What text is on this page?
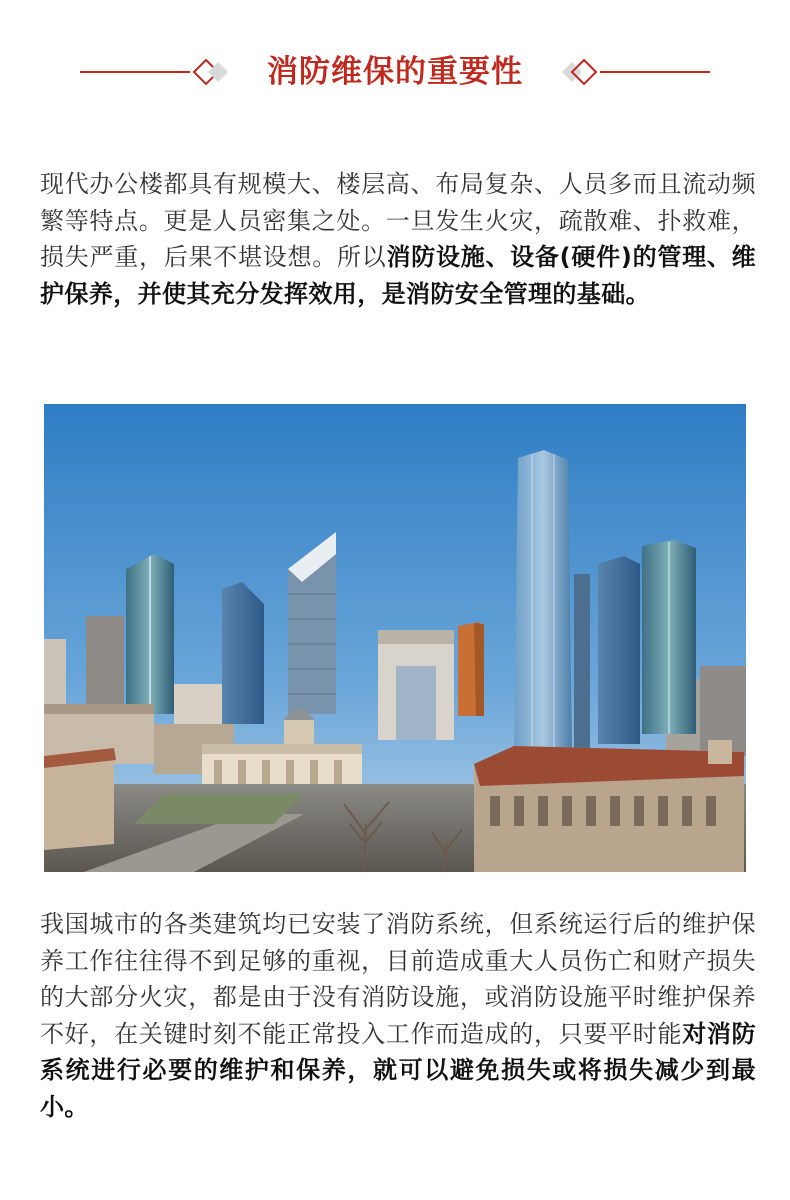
消防维保的重要性

现代办公楼都具有规模大、楼层高、布局复杂、人员多而且流动频繁等特点。更是人员密集之处。一旦发生火灾，疏散难、扑救难，损失严重，后果不堪设想。所以消防设施、设备(硬件)的管理、维护保养，并使其充分发挥效用，是消防安全管理的基础。

我国城市的各类建筑均已安装了消防系统，但系统运行后的维护保养工作往往得不到足够的重视，目前造成重大人员伤亡和财产损失的大部分火灾，都是由于没有消防设施，或消防设施平时维护保养不好，在关键时刻不能正常投入工作而造成的，只要平时能对消防系统进行必要的维护和保养，就可以避免损失或将损失减少到最小。
